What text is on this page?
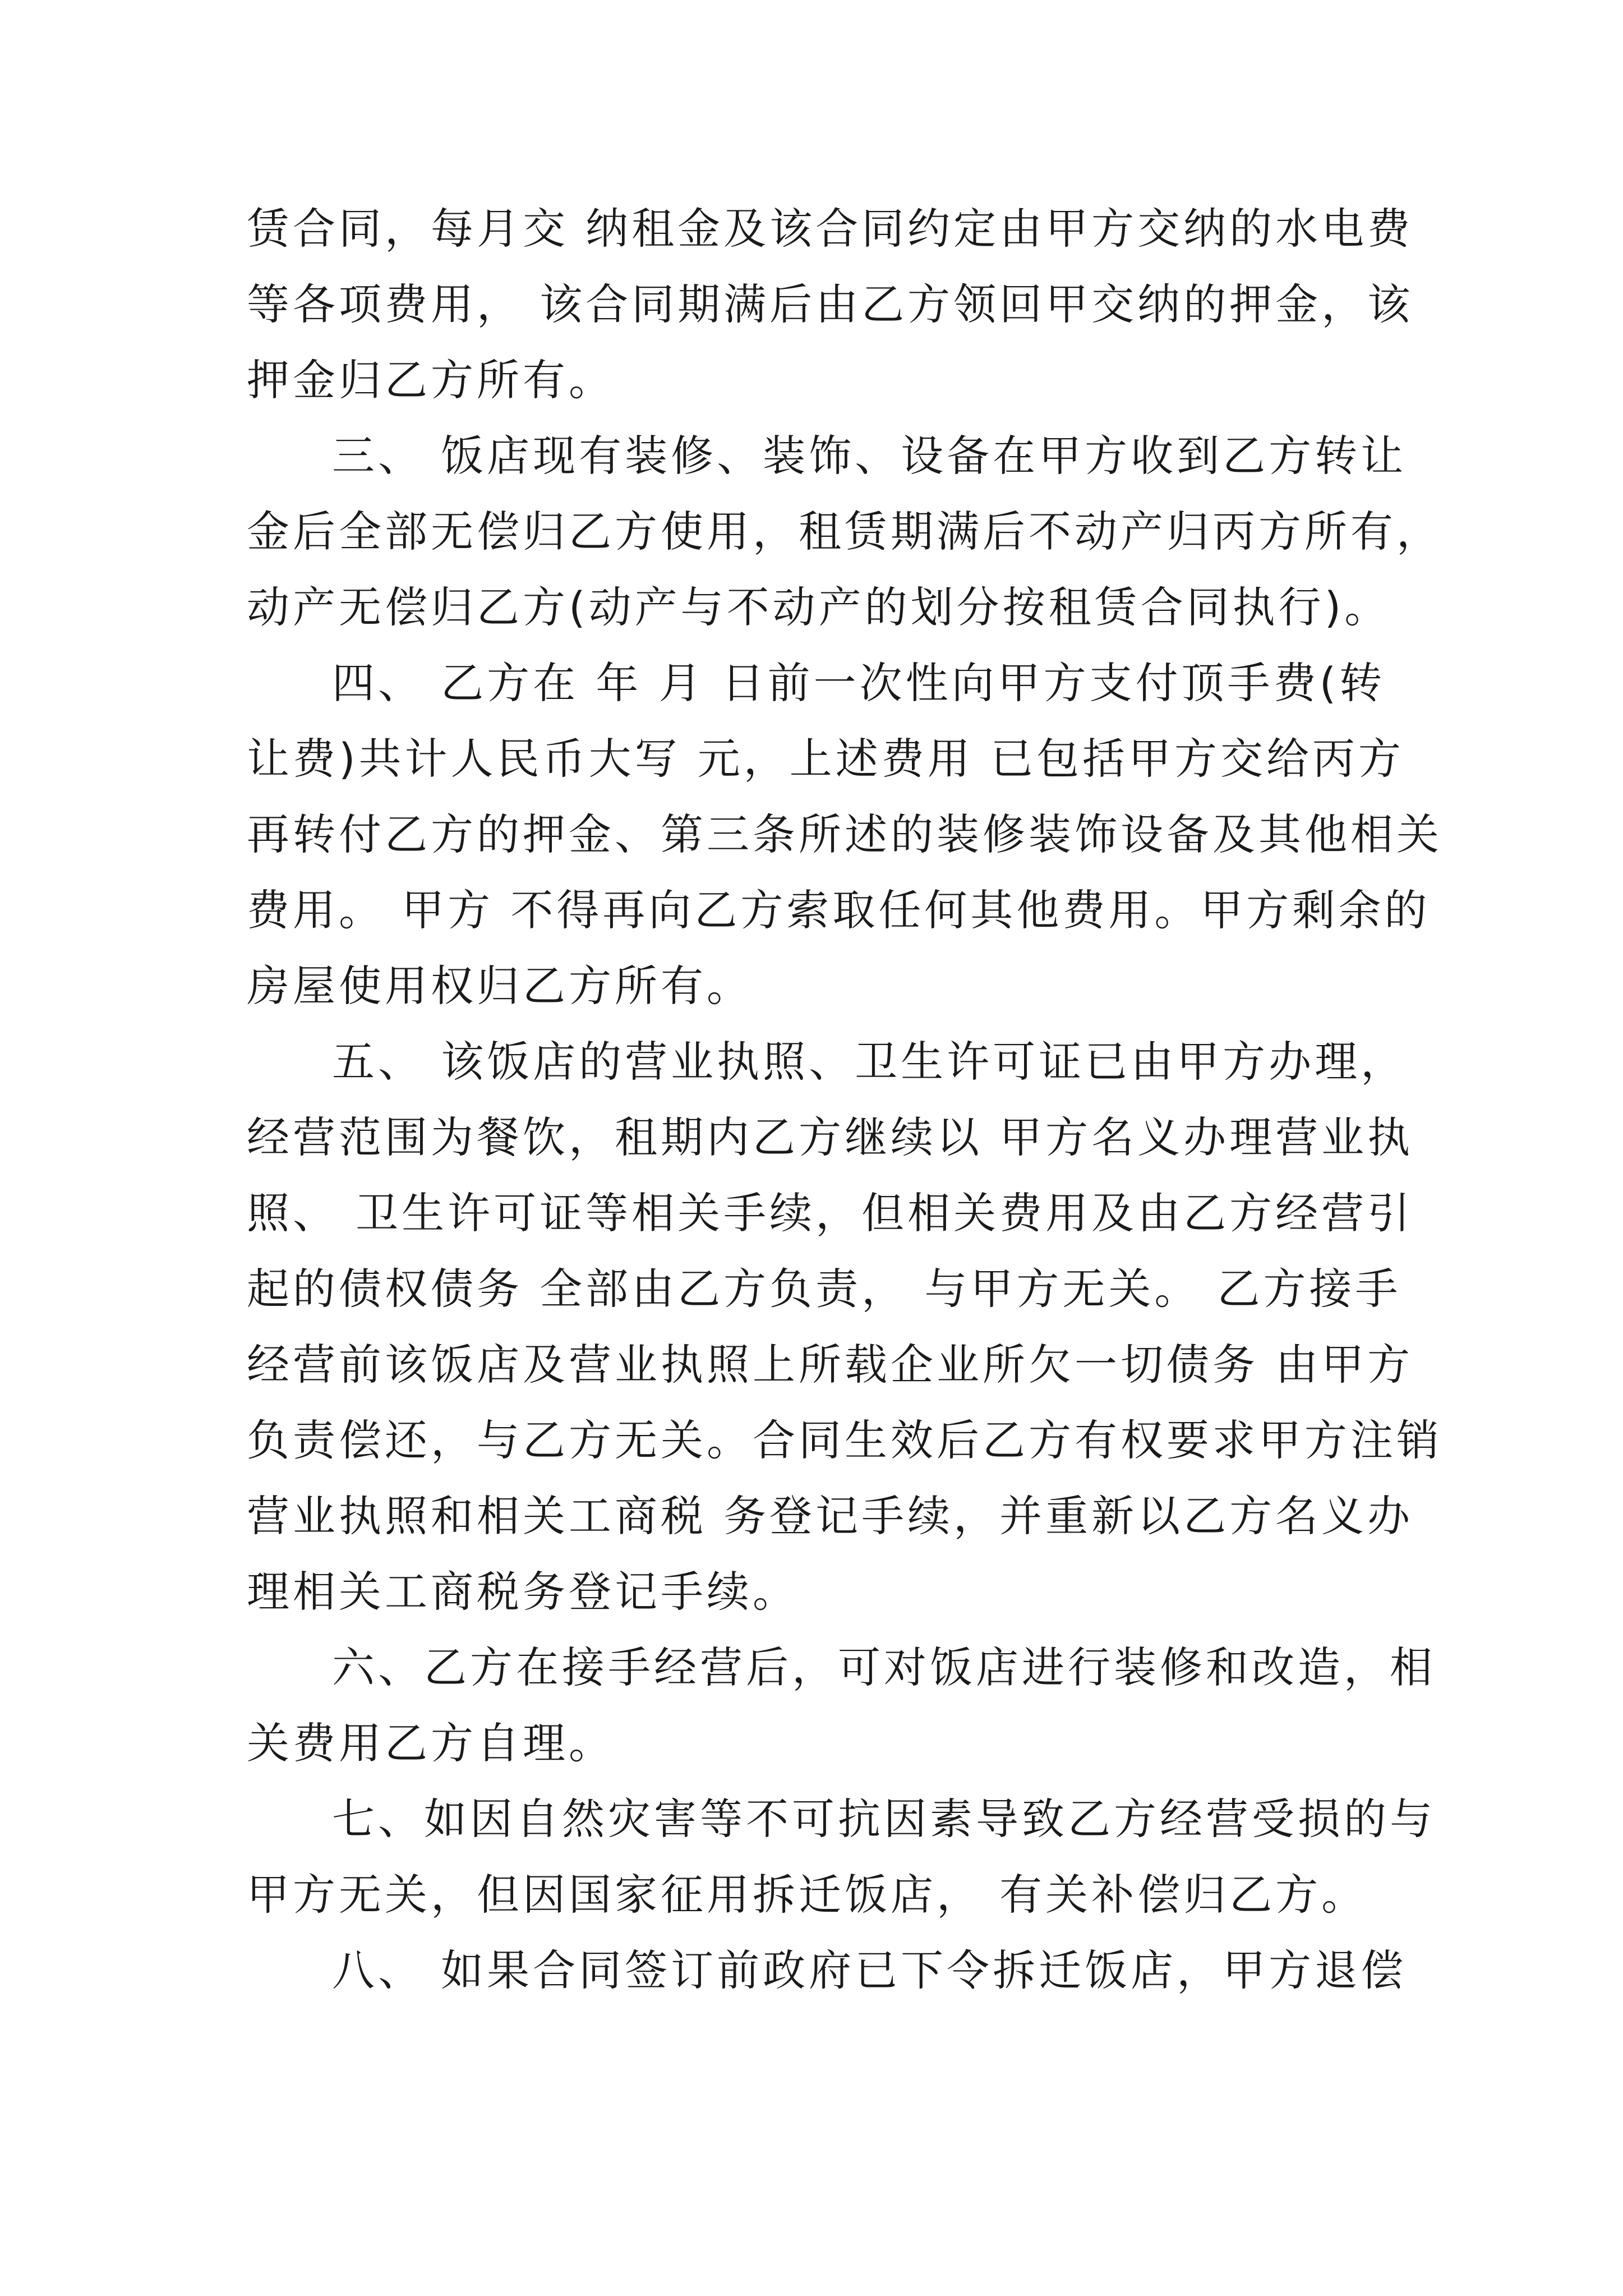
赁合同，每月交 纳租金及该合同约定由甲方交纳的水电费
等各项费用， 该合同期满后由乙方领回甲交纳的押金，该
押金归乙方所有。
三、 饭店现有装修、装饰、设备在甲方收到乙方转让
金后全部无偿归乙方使用，租赁期满后不动产归丙方所有，
动产无偿归乙方(动产与不动产的划分按租赁合同执行)。
四、 乙方在 年 月 日前一次性向甲方支付顶手费(转
让费)共计人民币大写 元，上述费用 已包括甲方交给丙方
再转付乙方的押金、第三条所述的装修装饰设备及其他相关
费用。 甲方 不得再向乙方索取任何其他费用。甲方剩余的
房屋使用权归乙方所有。
五、 该饭店的营业执照、卫生许可证已由甲方办理，
经营范围为餐饮，租期内乙方继续以 甲方名义办理营业执
照、 卫生许可证等相关手续，但相关费用及由乙方经营引
起的债权债务 全部由乙方负责， 与甲方无关。 乙方接手
经营前该饭店及营业执照上所载企业所欠一切债务 由甲方
负责偿还，与乙方无关。合同生效后乙方有权要求甲方注销
营业执照和相关工商税 务登记手续，并重新以乙方名义办
理相关工商税务登记手续。
六、乙方在接手经营后，可对饭店进行装修和改造，相
关费用乙方自理。
七、如因自然灾害等不可抗因素导致乙方经营受损的与
甲方无关，但因国家征用拆迁饭店， 有关补偿归乙方。
八、 如果合同签订前政府已下令拆迁饭店，甲方退偿
